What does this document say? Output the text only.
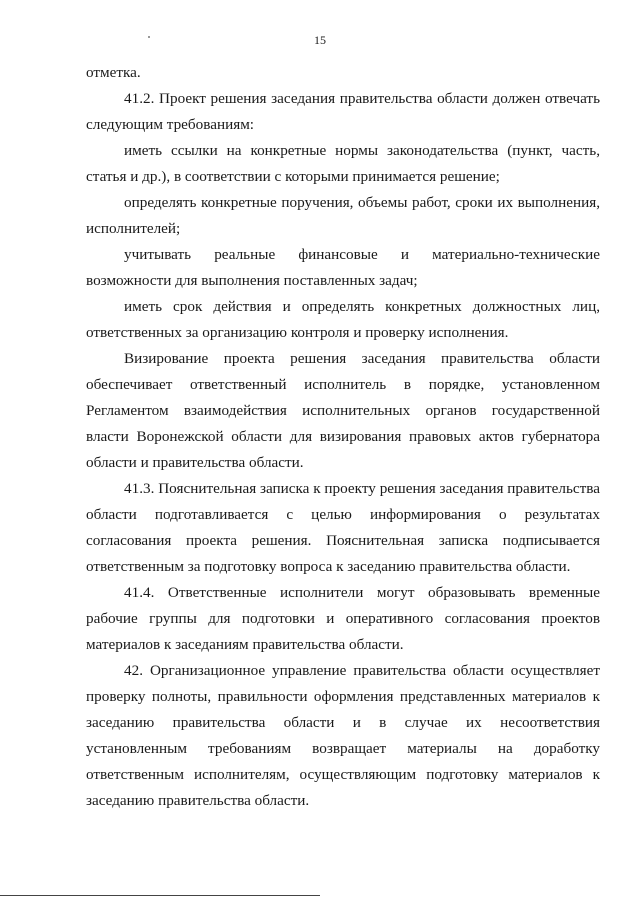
15

отметка.

41.2. Проект решения заседания правительства области должен отвечать следующим требованиям:

иметь ссылки на конкретные нормы законодательства (пункт, часть, статья и др.), в соответствии с которыми принимается решение;

определять конкретные поручения, объемы работ, сроки их выполнения, исполнителей;

учитывать реальные финансовые и материально-технические возможности для выполнения поставленных задач;

иметь срок действия и определять конкретных должностных лиц, ответственных за организацию контроля и проверку исполнения.

Визирование проекта решения заседания правительства области обеспечивает ответственный исполнитель в порядке, установленном Регламентом взаимодействия исполнительных органов государственной власти Воронежской области для визирования правовых актов губернатора области и правительства области.

41.3. Пояснительная записка к проекту решения заседания правительства области подготавливается с целью информирования о результатах согласования проекта решения. Пояснительная записка подписывается ответственным за подготовку вопроса к заседанию правительства области.

41.4. Ответственные исполнители могут образовывать временные рабочие группы для подготовки и оперативного согласования проектов материалов к заседаниям правительства области.

42. Организационное управление правительства области осуществляет проверку полноты, правильности оформления представленных материалов к заседанию правительства области и в случае их несоответствия установленным требованиям возвращает материалы на доработку ответственным исполнителям, осуществляющим подготовку материалов к заседанию правительства области.
